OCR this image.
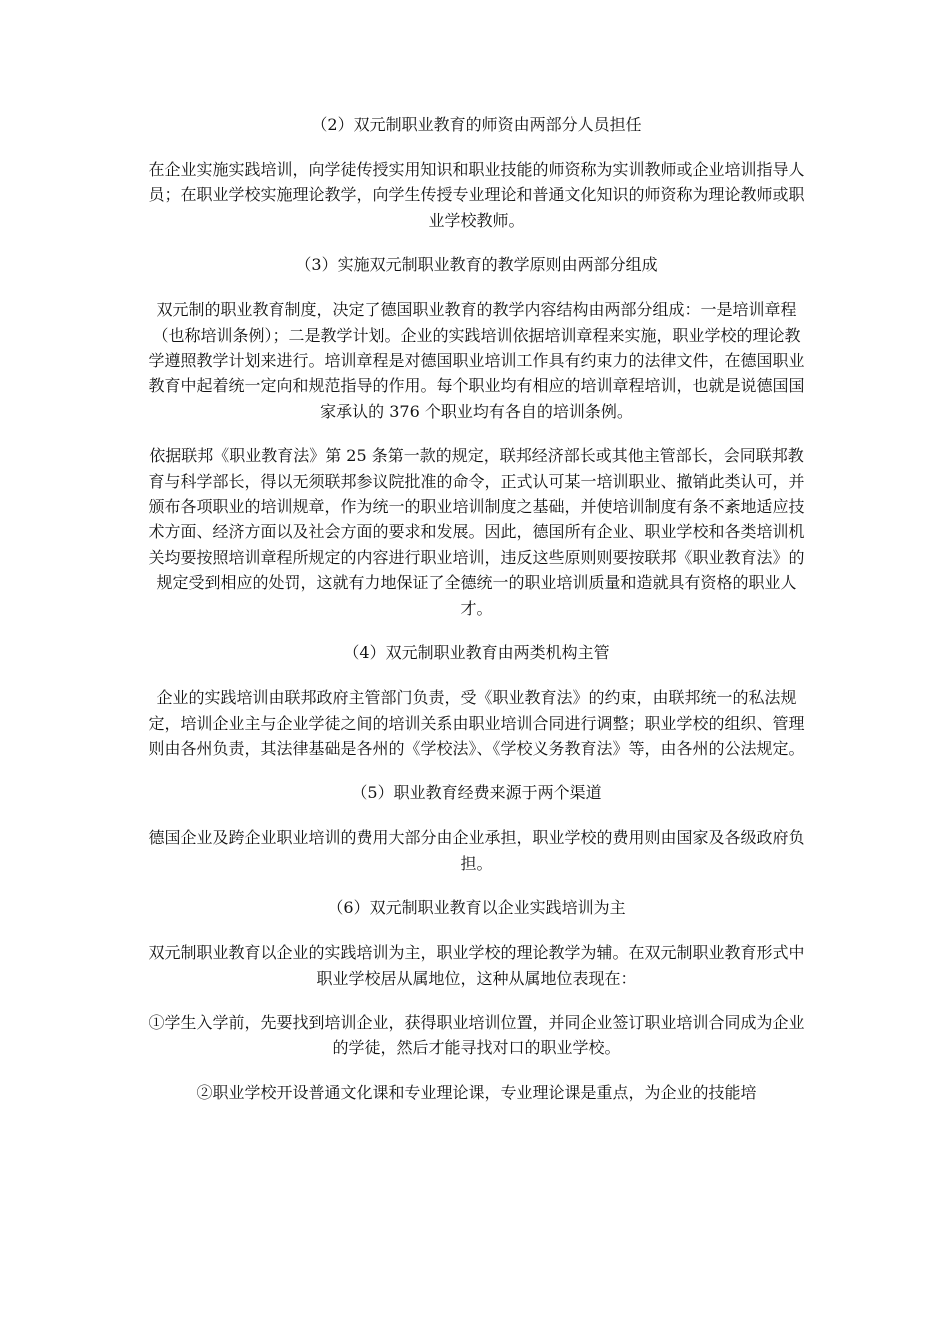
（2）双元制职业教育的师资由两部分人员担任
在企业实施实践培训，向学徒传授实用知识和职业技能的师资称为实训教师或企业培训指导人员；在职业学校实施理论教学，向学生传授专业理论和普通文化知识的师资称为理论教师或职业学校教师。
（3）实施双元制职业教育的教学原则由两部分组成
双元制的职业教育制度，决定了德国职业教育的教学内容结构由两部分组成：一是培训章程（也称培训条例）；二是教学计划。企业的实践培训依据培训章程来实施，职业学校的理论教学遵照教学计划来进行。培训章程是对德国职业培训工作具有约束力的法律文件，在德国职业教育中起着统一定向和规范指导的作用。每个职业均有相应的培训章程培训，也就是说德国国家承认的 376 个职业均有各自的培训条例。
依据联邦《职业教育法》第 25 条第一款的规定，联邦经济部长或其他主管部长，会同联邦教育与科学部长，得以无须联邦参议院批准的命令，正式认可某一培训职业、撤销此类认可，并颁布各项职业的培训规章，作为统一的职业培训制度之基础，并使培训制度有条不紊地适应技术方面、经济方面以及社会方面的要求和发展。因此，德国所有企业、职业学校和各类培训机关均要按照培训章程所规定的内容进行职业培训，违反这些原则则要按联邦《职业教育法》的规定受到相应的处罚，这就有力地保证了全德统一的职业培训质量和造就具有资格的职业人才。
（4）双元制职业教育由两类机构主管
企业的实践培训由联邦政府主管部门负责，受《职业教育法》的约束，由联邦统一的私法规定，培训企业主与企业学徒之间的培训关系由职业培训合同进行调整；职业学校的组织、管理则由各州负责，其法律基础是各州的《学校法》、《学校义务教育法》等，由各州的公法规定。
（5）职业教育经费来源于两个渠道
德国企业及跨企业职业培训的费用大部分由企业承担，职业学校的费用则由国家及各级政府负担。
（6）双元制职业教育以企业实践培训为主
双元制职业教育以企业的实践培训为主，职业学校的理论教学为辅。在双元制职业教育形式中职业学校居从属地位，这种从属地位表现在：
①学生入学前，先要找到培训企业，获得职业培训位置，并同企业签订职业培训合同成为企业的学徒，然后才能寻找对口的职业学校。
②职业学校开设普通文化课和专业理论课，专业理论课是重点，为企业的技能培
